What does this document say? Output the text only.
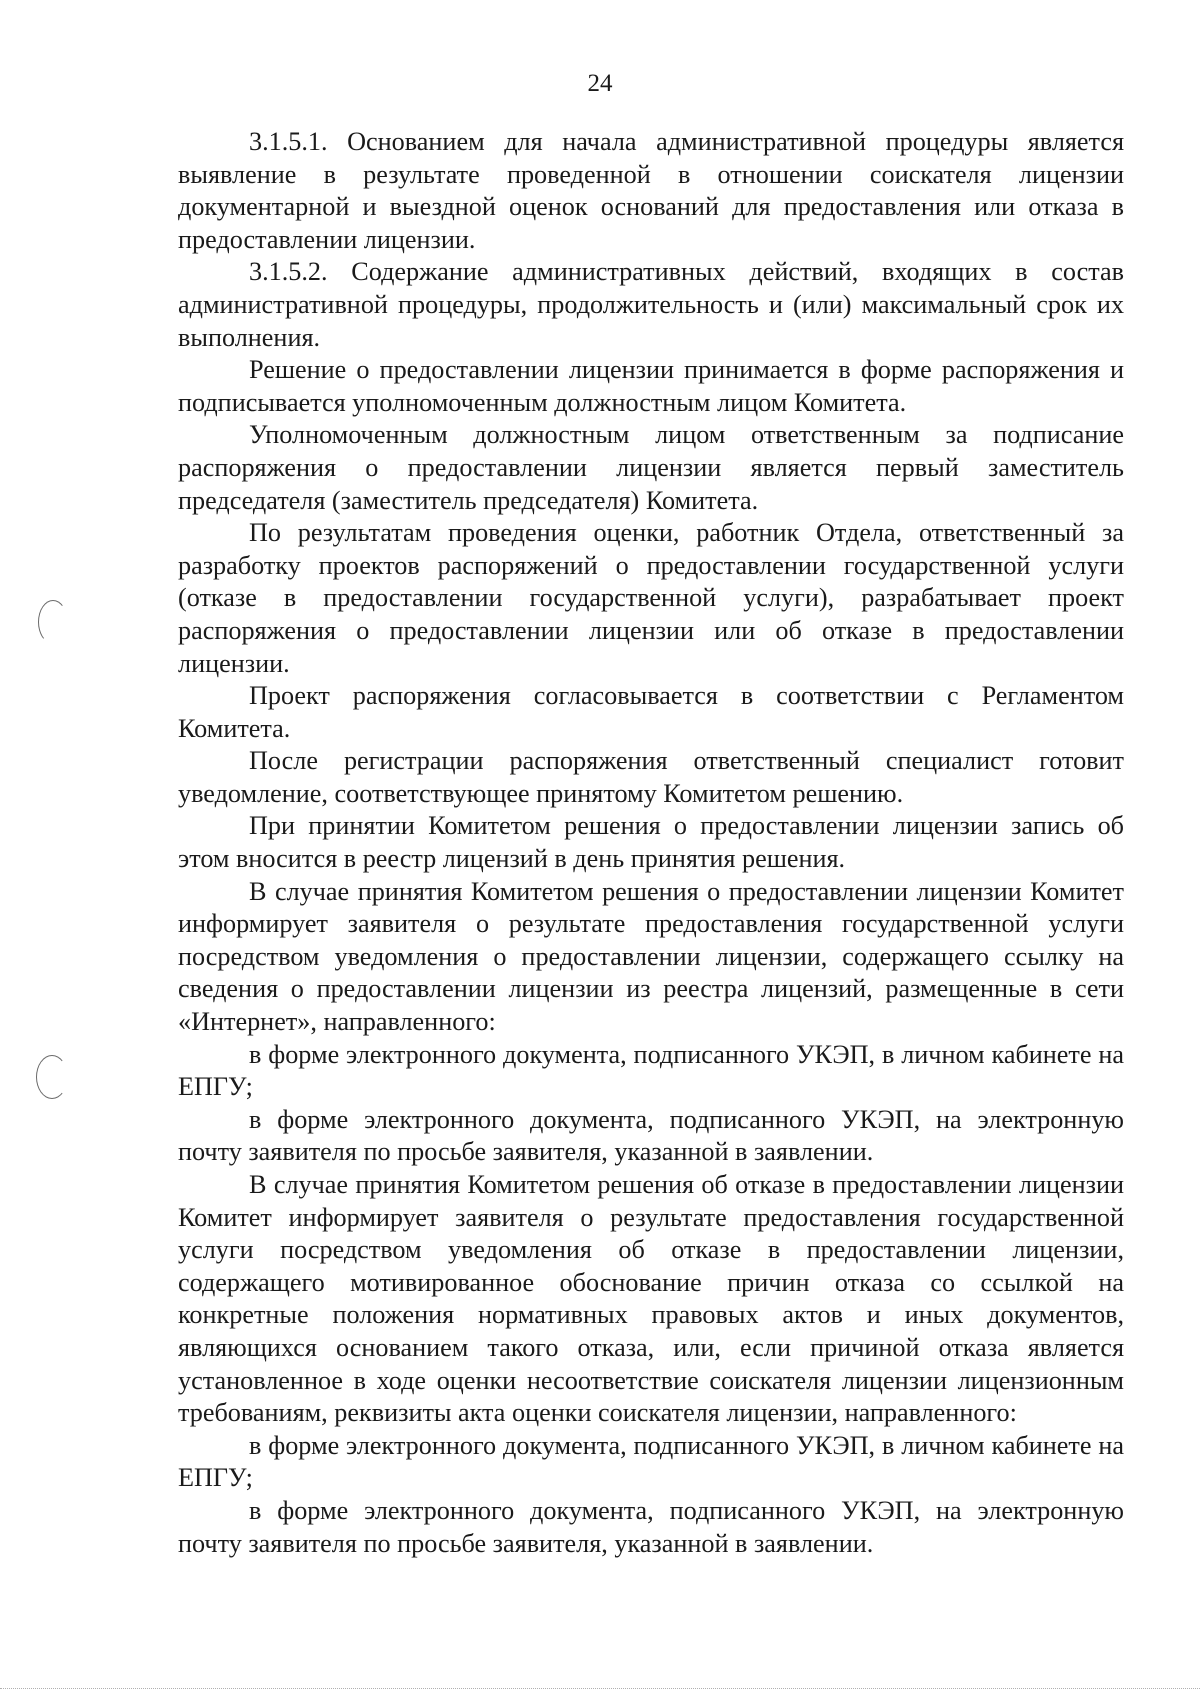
24

3.1.5.1. Основанием для начала административной процедуры является выявление в результате проведенной в отношении соискателя лицензии документарной и выездной оценок оснований для предоставления или отказа в предоставлении лицензии.

3.1.5.2. Содержание административных действий, входящих в состав административной процедуры, продолжительность и (или) максимальный срок их выполнения.

Решение о предоставлении лицензии принимается в форме распоряжения и подписывается уполномоченным должностным лицом Комитета.

Уполномоченным должностным лицом ответственным за подписание распоряжения о предоставлении лицензии является первый заместитель председателя (заместитель председателя) Комитета.

По результатам проведения оценки, работник Отдела, ответственный за разработку проектов распоряжений о предоставлении государственной услуги (отказе в предоставлении государственной услуги), разрабатывает проект распоряжения о предоставлении лицензии или об отказе в предоставлении лицензии.

Проект распоряжения согласовывается в соответствии с Регламентом Комитета.

После регистрации распоряжения ответственный специалист готовит уведомление, соответствующее принятому Комитетом решению.

При принятии Комитетом решения о предоставлении лицензии запись об этом вносится в реестр лицензий в день принятия решения.

В случае принятия Комитетом решения о предоставлении лицензии Комитет информирует заявителя о результате предоставления государственной услуги посредством уведомления о предоставлении лицензии, содержащего ссылку на сведения о предоставлении лицензии из реестра лицензий, размещенные в сети «Интернет», направленного:

в форме электронного документа, подписанного УКЭП, в личном кабинете на ЕПГУ;

в форме электронного документа, подписанного УКЭП, на электронную почту заявителя по просьбе заявителя, указанной в заявлении.

В случае принятия Комитетом решения об отказе в предоставлении лицензии Комитет информирует заявителя о результате предоставления государственной услуги посредством уведомления об отказе в предоставлении лицензии, содержащего мотивированное обоснование причин отказа со ссылкой на конкретные положения нормативных правовых актов и иных документов, являющихся основанием такого отказа, или, если причиной отказа является установленное в ходе оценки несоответствие соискателя лицензии лицензионным требованиям, реквизиты акта оценки соискателя лицензии, направленного:

в форме электронного документа, подписанного УКЭП, в личном кабинете на ЕПГУ;

в форме электронного документа, подписанного УКЭП, на электронную почту заявителя по просьбе заявителя, указанной в заявлении.
